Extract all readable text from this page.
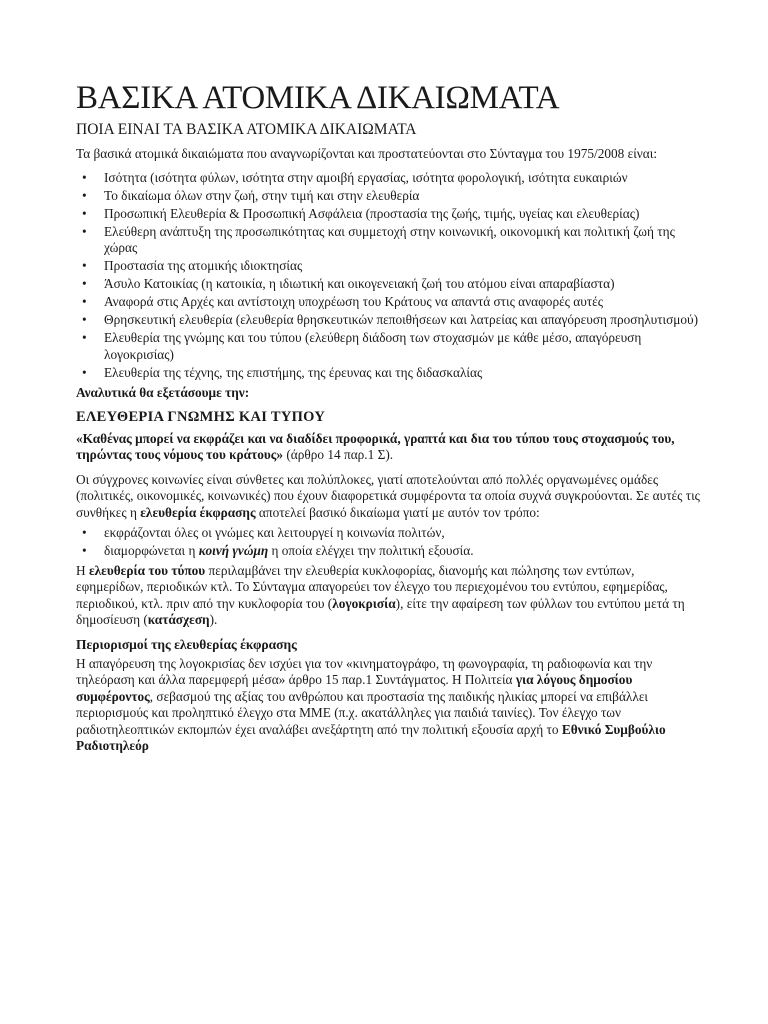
ΒΑΣΙΚΑ ΑΤΟΜΙΚΑ ΔΙΚΑΙΩΜΑΤΑ
ΠΟΙΑ ΕΙΝΑΙ ΤΑ ΒΑΣΙΚΑ ΑΤΟΜΙΚΑ ΔΙΚΑΙΩΜΑΤΑ

Τα βασικά ατομικά δικαιώματα που αναγνωρίζονται και προστατεύονται στο Σύνταγμα του 1975/2008 είναι:

• Ισότητα (ισότητα φύλων, ισότητα στην αμοιβή εργασίας, ισότητα φορολογική, ισότητα ευκαιριών
• Το δικαίωμα όλων στην ζωή, στην τιμή και στην ελευθερία
• Προσωπική Ελευθερία & Προσωπική Ασφάλεια (προστασία της ζωής, τιμής, υγείας και ελευθερίας)
• Ελεύθερη ανάπτυξη της προσωπικότητας και συμμετοχή στην κοινωνική, οικονομική και πολιτική ζωή της χώρας
• Προστασία της ατομικής ιδιοκτησίας
• Άσυλο Κατοικίας (η κατοικία, η ιδιωτική και οικογενειακή ζωή του ατόμου είναι απαραβίαστα)
• Αναφορά στις Αρχές και αντίστοιχη υποχρέωση του Κράτους να απαντά στις αναφορές αυτές
• Θρησκευτική ελευθερία (ελευθερία θρησκευτικών πεποιθήσεων και λατρείας και απαγόρευση προσηλυτισμού)
• Ελευθερία της γνώμης και του τύπου (ελεύθερη διάδοση των στοχασμών με κάθε μέσο, απαγόρευση λογοκρισίας)
• Ελευθερία της τέχνης, της επιστήμης, της έρευνας και της διδασκαλίας

Αναλυτικά θα εξετάσουμε την:

ΕΛΕΥΘΕΡΙΑ ΓΝΩΜΗΣ ΚΑΙ ΤΥΠΟΥ

«Καθένας μπορεί να εκφράζει και να διαδίδει προφορικά, γραπτά και δια του τύπου τους στοχασμούς του, τηρώντας τους νόμους του κράτους» (άρθρο 14 παρ.1 Σ).

Οι σύγχρονες κοινωνίες είναι σύνθετες και πολύπλοκες, γιατί αποτελούνται από πολλές οργανωμένες ομάδες (πολιτικές, οικονομικές, κοινωνικές) που έχουν διαφορετικά συμφέροντα τα οποία συχνά συγκρούονται. Σε αυτές τις συνθήκες η ελευθερία έκφρασης αποτελεί βασικό δικαίωμα γιατί με αυτόν τον τρόπο:

• εκφράζονται όλες οι γνώμες και λειτουργεί η κοινωνία πολιτών,
• διαμορφώνεται η κοινή γνώμη η οποία ελέγχει την πολιτική εξουσία.

Η ελευθερία του τύπου περιλαμβάνει την ελευθερία κυκλοφορίας, διανομής και πώλησης των εντύπων, εφημερίδων, περιοδικών κτλ. Το Σύνταγμα απαγορεύει τον έλεγχο του περιεχομένου του εντύπου, εφημερίδας, περιοδικού, κτλ. πριν από την κυκλοφορία του (λογοκρισία), είτε την αφαίρεση των φύλλων του εντύπου μετά τη δημοσίευση (κατάσχεση).

Περιορισμοί της ελευθερίας έκφρασης

Η απαγόρευση της λογοκρισίας δεν ισχύει για τον «κινηματογράφο, τη φωνογραφία, τη ραδιοφωνία και την τηλεόραση και άλλα παρεμφερή μέσα» άρθρο 15 παρ.1 Συντάγματος. Η Πολιτεία για λόγους δημοσίου συμφέροντος, σεβασμού της αξίας του ανθρώπου και προστασία της παιδικής ηλικίας μπορεί να επιβάλλει περιορισμούς και προληπτικό έλεγχο στα ΜΜΕ (π.χ. ακατάλληλες για παιδιά ταινίες). Τον έλεγχο των ραδιοτηλεοπτικών εκπομπών έχει αναλάβει ανεξάρτητη από την πολιτική εξουσία αρχή το Εθνικό Συμβούλιο Ραδιοτηλεόρ
